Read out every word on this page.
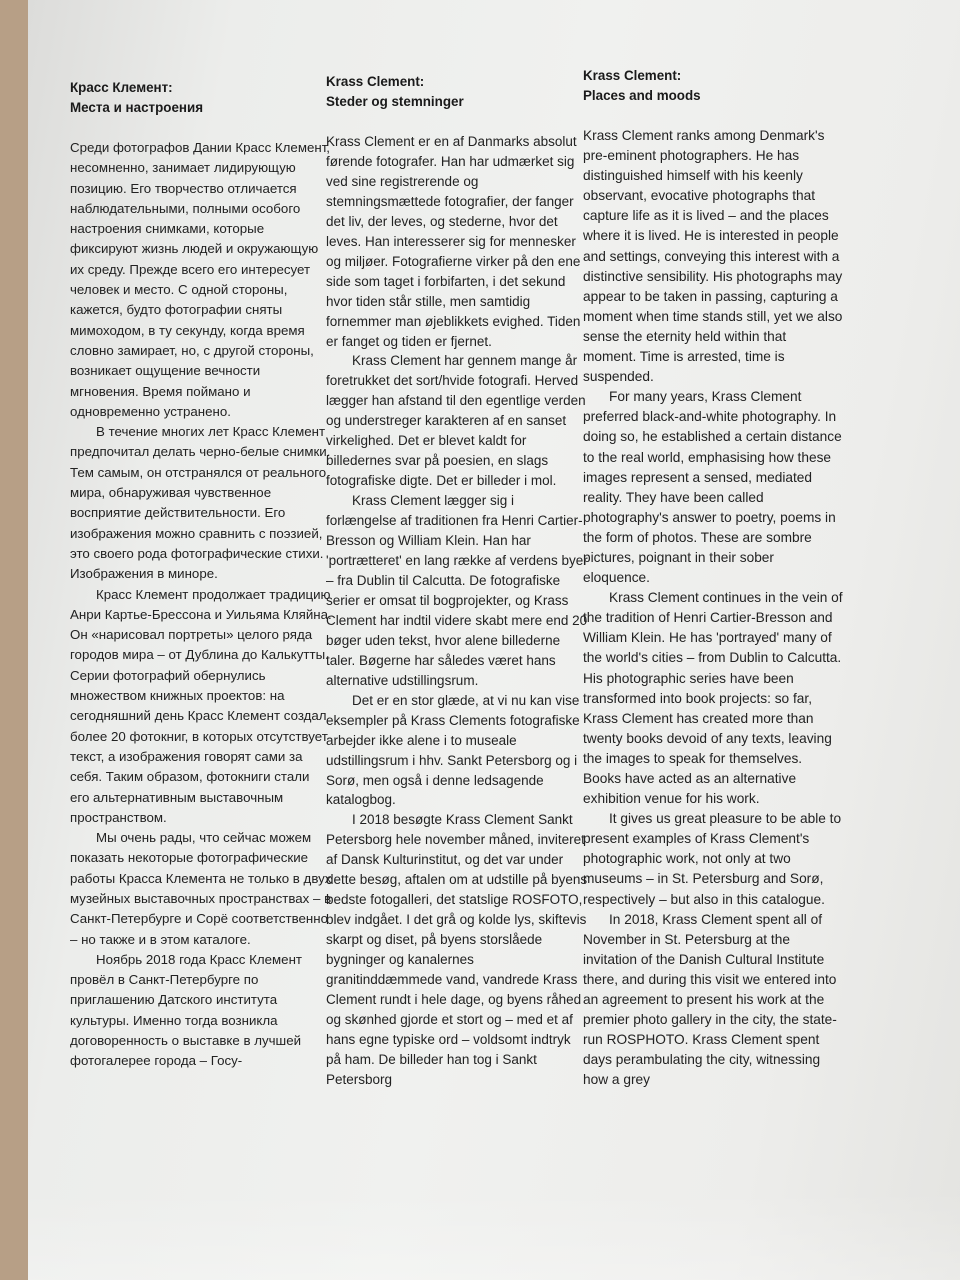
Красс Клемент:
Места и настроения

Среди фотографов Дании Красс Клемент, несомненно, занимает лидирующую позицию. Его творчество отличается наблюдательными, полными особого настроения снимками, которые фиксируют жизнь людей и окружающую их среду. Прежде всего его интересует человек и место. С одной стороны, кажется, будто фотографии сняты мимоходом, в ту секунду, когда время словно замирает, но, с другой стороны, возникает ощущение вечности мгновения. Время поймано и одновременно устранено.

В течение многих лет Красс Клемент предпочитал делать черно-белые снимки. Тем самым, он отстранялся от реального мира, обнаруживая чувственное восприятие действительности. Его изображения можно сравнить с поэзией, это своего рода фотографические стихи. Изображения в миноре.

Красс Клемент продолжает традицию Анри Картье-Брессона и Уильяма Кляйна. Он «нарисовал портреты» целого ряда городов мира – от Дублина до Калькутты. Серии фотографий обернулись множеством книжных проектов: на сегодняшний день Красс Клемент создал более 20 фотокниг, в которых отсутствует текст, а изображения говорят сами за себя. Таким образом, фотокниги стали его альтернативным выставочным пространством.

Мы очень рады, что сейчас можем показать некоторые фотографические работы Красса Клемента не только в двух музейных выставочных пространствах – в Санкт-Петербурге и Сорё соответственно – но также и в этом каталоге.

Ноябрь 2018 года Красс Клемент провёл в Санкт-Петербурге по приглашению Датского института культуры. Именно тогда возникла договоренность о выставке в лучшей фотогалерее города – Госу-

Krass Clement:
Steder og stemninger

Krass Clement er en af Danmarks absolut førende fotografer. Han har udmærket sig ved sine registrerende og stemningsmættede fotografier, der fanger det liv, der leves, og stederne, hvor det leves. Han interesserer sig for mennesker og miljøer. Fotografierne virker på den ene side som taget i forbifarten, i det sekund hvor tiden står stille, men samtidig fornemmer man øjeblikkets evighed. Tiden er fanget og tiden er fjernet.

Krass Clement har gennem mange år foretrukket det sort/hvide fotografi. Herved lægger han afstand til den egentlige verden og understreger karakteren af en sanset virkelighed. Det er blevet kaldt for billedernes svar på poesien, en slags fotografiske digte. Det er billeder i mol.

Krass Clement lægger sig i forlængelse af traditionen fra Henri Cartier-Bresson og William Klein. Han har 'portrætteret' en lang række af verdens byer – fra Dublin til Calcutta. De fotografiske serier er omsat til bogprojekter, og Krass Clement har indtil videre skabt mere end 20 bøger uden tekst, hvor alene billederne taler. Bøgerne har således været hans alternative udstillingsrum.

Det er en stor glæde, at vi nu kan vise eksempler på Krass Clements fotografiske arbejder ikke alene i to museale udstillingsrum i hhv. Sankt Petersborg og i Sorø, men også i denne ledsagende katalogbog.

I 2018 besøgte Krass Clement Sankt Petersborg hele november måned, inviteret af Dansk Kulturinstitut, og det var under dette besøg, aftalen om at udstille på byens bedste fotogalleri, det statslige ROSFOTO, blev indgået. I det grå og kolde lys, skiftevis skarpt og diset, på byens storslåede bygninger og kanalernes granitinddæmmede vand, vandrede Krass Clement rundt i hele dage, og byens råhed og skønhed gjorde et stort og – med et af hans egne typiske ord – voldsomt indtryk på ham. De billeder han tog i Sankt Petersborg

Krass Clement:
Places and moods

Krass Clement ranks among Denmark's pre-eminent photographers. He has distinguished himself with his keenly observant, evocative photographs that capture life as it is lived – and the places where it is lived. He is interested in people and settings, conveying this interest with a distinctive sensibility. His photographs may appear to be taken in passing, capturing a moment when time stands still, yet we also sense the eternity held within that moment. Time is arrested, time is suspended.

For many years, Krass Clement preferred black-and-white photography. In doing so, he established a certain distance to the real world, emphasising how these images represent a sensed, mediated reality. They have been called photography's answer to poetry, poems in the form of photos. These are sombre pictures, poignant in their sober eloquence.

Krass Clement continues in the vein of the tradition of Henri Cartier-Bresson and William Klein. He has 'portrayed' many of the world's cities – from Dublin to Calcutta. His photographic series have been transformed into book projects: so far, Krass Clement has created more than twenty books devoid of any texts, leaving the images to speak for themselves. Books have acted as an alternative exhibition venue for his work.

It gives us great pleasure to be able to present examples of Krass Clement's photographic work, not only at two museums – in St. Petersburg and Sorø, respectively – but also in this catalogue.

In 2018, Krass Clement spent all of November in St. Petersburg at the invitation of the Danish Cultural Institute there, and during this visit we entered into an agreement to present his work at the premier photo gallery in the city, the state-run ROSPHOTO. Krass Clement spent days perambulating the city, witnessing how a grey
